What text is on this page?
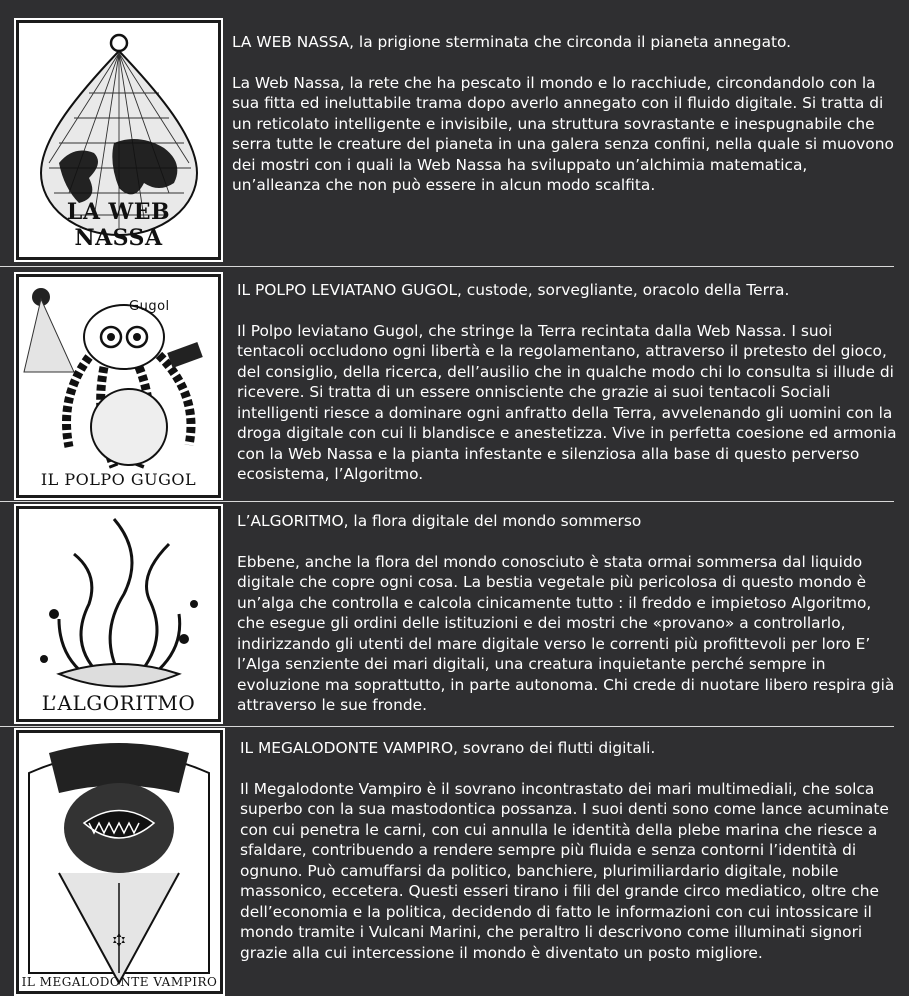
LA WEB NASSA

LA WEB NASSA, la prigione sterminata che circonda il pianeta annegato.

La Web Nassa, la rete che ha pescato il mondo e lo racchiude, circondandolo con la sua fitta ed ineluttabile trama dopo averlo annegato con il fluido digitale. Si tratta di un reticolato intelligente e invisibile, una struttura sovrastante e inespugnabile che serra tutte le creature del pianeta in una galera senza confini, nella quale si muovono dei mostri con i quali la Web Nassa ha sviluppato un’alchimia matematica, un’alleanza che non può essere in alcun modo scalfita.

Gugol
IL POLPO GUGOL

IL POLPO LEVIATANO GUGOL, custode, sorvegliante, oracolo della Terra.

Il Polpo leviatano Gugol, che stringe la Terra recintata dalla Web Nassa. I suoi tentacoli occludono ogni libertà e la regolamentano, attraverso il pretesto del gioco, del consiglio, della ricerca, dell’ausilio che in qualche modo chi lo consulta si illude di ricevere. Si tratta di un essere onnisciente che grazie ai suoi tentacoli Sociali intelligenti riesce a dominare ogni anfratto della Terra, avvelenando gli uomini con la droga digitale con cui li blandisce e anestetizza. Vive in perfetta coesione ed armonia con la Web Nassa e la pianta infestante e silenziosa alla base di questo perverso ecosistema, l’Algoritmo.

L’ALGORITMO

L’ALGORITMO, la flora digitale del mondo sommerso

Ebbene, anche la flora del mondo conosciuto è stata ormai sommersa dal liquido digitale che copre ogni cosa. La bestia vegetale più pericolosa di questo mondo è un’alga che controlla e calcola cinicamente tutto : il freddo e impietoso Algoritmo, che esegue gli ordini delle istituzioni e dei mostri che «provano» a controllarlo, indirizzando gli utenti del mare digitale verso le correnti più profittevoli per loro E’ l’Alga senziente dei mari digitali, una creatura inquietante perché sempre in evoluzione ma soprattutto, in parte autonoma. Chi crede di nuotare libero respira già attraverso le sue fronde.

IL MEGALODONTE VAMPIRO

IL MEGALODONTE VAMPIRO, sovrano dei flutti digitali.

Il Megalodonte Vampiro è il sovrano incontrastato dei mari multimediali, che solca superbo con la sua mastodontica possanza. I suoi denti sono come lance acuminate con cui penetra le carni, con cui annulla le identità della plebe marina che riesce a sfaldare, contribuendo a rendere sempre più fluida e senza contorni l’identità di ognuno. Può camuffarsi da politico, banchiere, plurimiliardario digitale, nobile massonico, eccetera. Questi esseri tirano i fili del grande circo mediatico, oltre che dell’economia e la politica, decidendo di fatto le informazioni con cui intossicare il mondo tramite i Vulcani Marini, che peraltro li descrivono come illuminati signori grazie alla cui intercessione il mondo è diventato un posto migliore.
